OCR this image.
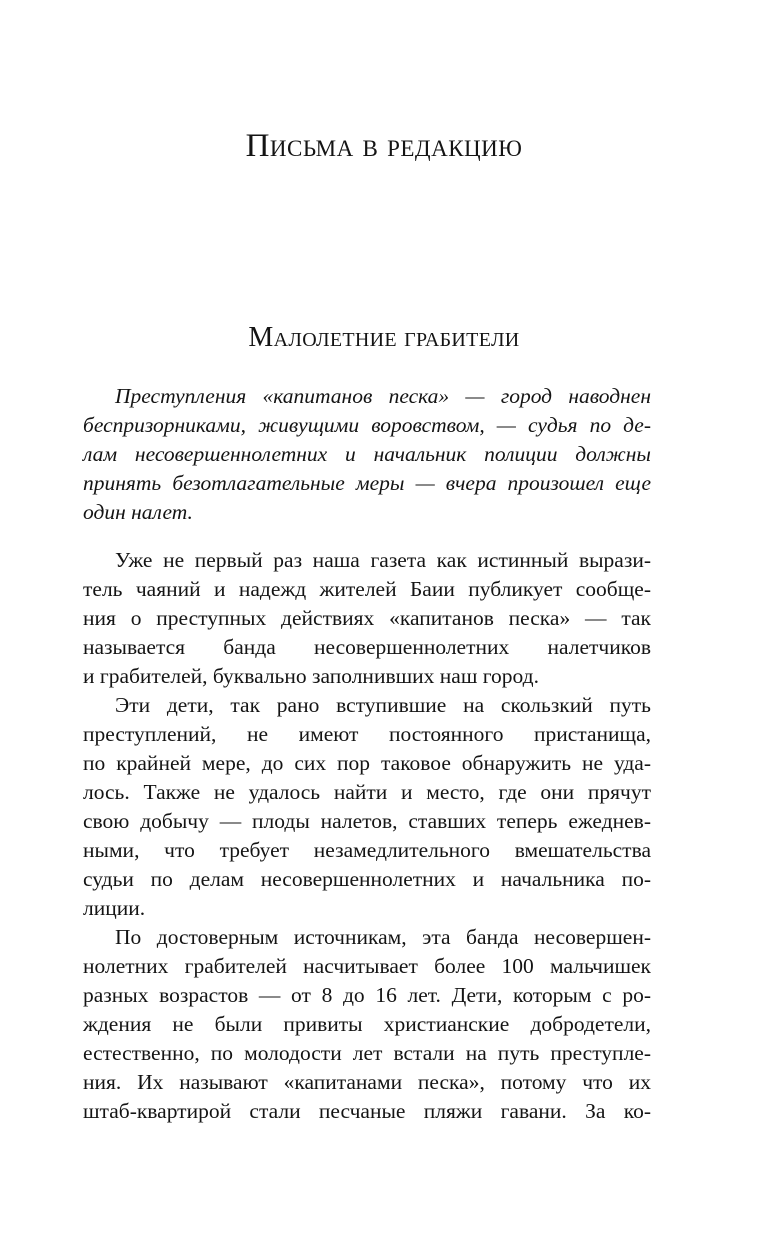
Письма в редакцию
Малолетние грабители
Преступления «капитанов песка» — город наводнен
беспризорниками, живущими воровством, — судья по де-
лам несовершеннолетних и начальник полиции должны
принять безотлагательные меры — вчера произошел еще
один налет.
Уже не первый раз наша газета как истинный вырази-
тель чаяний и надежд жителей Баии публикует сообще-
ния о преступных действиях «капитанов песка» — так
называется банда несовершеннолетних налетчиков
и грабителей, буквально заполнивших наш город.
Эти дети, так рано вступившие на скользкий путь
преступлений, не имеют постоянного пристанища,
по крайней мере, до сих пор таковое обнаружить не уда-
лось. Также не удалось найти и место, где они прячут
свою добычу — плоды налетов, ставших теперь ежеднев-
ными, что требует незамедлительного вмешательства
судьи по делам несовершеннолетних и начальника по-
лиции.
По достоверным источникам, эта банда несовершен-
нолетних грабителей насчитывает более 100 мальчишек
разных возрастов — от 8 до 16 лет. Дети, которым с ро-
ждения не были привиты христианские добродетели,
естественно, по молодости лет встали на путь преступле-
ния. Их называют «капитанами песка», потому что их
штаб-квартирой стали песчаные пляжи гавани. За ко-
